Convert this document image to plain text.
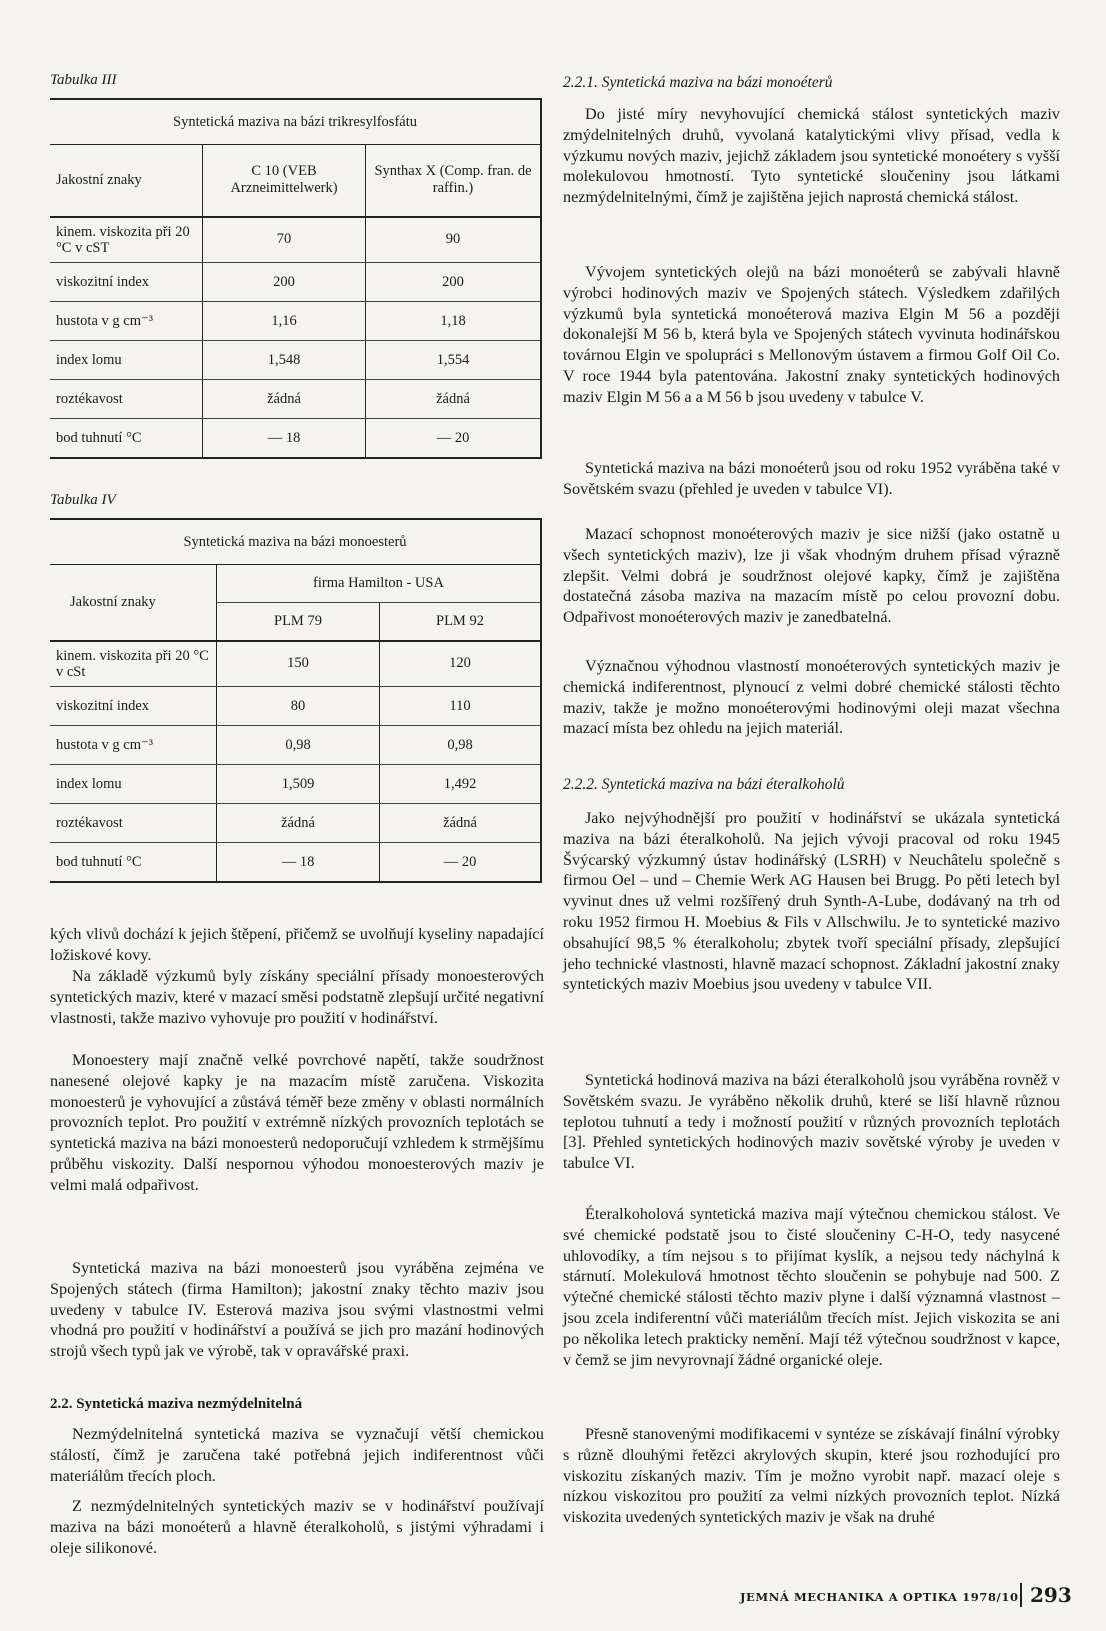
Tabulka III
Syntetická maziva na bázi trikresylfosfátu		
Jakostní znaky	C 10 (VEB Arzneimittelwerk)	Synthax X (Comp. fran. de raffin.)
kinem. viskozita při 20 °C v cST	70	90
viskozitní index	200	200
hustota v g cm⁻³	1,16	1,18
index lomu	1,548	1,554
roztékavost	žádná	žádná
bod tuhnutí °C	— 18	— 20
Tabulka IV
Syntetická maziva na bázi monoesterů		
Jakostní znaky	firma Hamilton - USA	
	PLM 79	PLM 92
kinem. viskozita při 20 °C v cSt	150	120
viskozitní index	80	110
hustota v g cm⁻³	0,98	0,98
index lomu	1,509	1,492
roztékavost	žádná	žádná
bod tuhnutí °C	— 18	— 20

kých vlivů dochází k jejich štěpení, přičemž se uvolňují kyseliny napadající ložiskové kovy.

Na základě výzkumů byly získány speciální přísady monoesterových syntetických maziv, které v mazací směsi podstatně zlepšují určité negativní vlastnosti, takže mazivo vyhovuje pro použití v hodinářství.

Monoestery mají značně velké povrchové napětí, takže soudržnost nanesené olejové kapky je na mazacím místě zaručena. Viskozita monoesterů je vyhovující a zůstává téměř beze změny v oblasti normálních provozních teplot. Pro použití v extrémně nízkých provozních teplotách se syntetická maziva na bázi monoesterů nedoporučují vzhledem k strmějšímu průběhu viskozity. Další nespornou výhodou monoesterových maziv je velmi malá odpařivost.

Syntetická maziva na bázi monoesterů jsou vyráběna zejména ve Spojených státech (firma Hamilton); jakostní znaky těchto maziv jsou uvedeny v tabulce IV. Esterová maziva jsou svými vlastnostmi velmi vhodná pro použití v hodinářství a používá se jich pro mazání hodinových strojů všech typů jak ve výrobě, tak v opravářské praxi.

2.2. Syntetická maziva nezmýdelnitelná

Nezmýdelnitelná syntetická maziva se vyznačují větší chemickou stálostí, čímž je zaručena také potřebná jejich indiferentnost vůči materiálům třecích ploch.

Z nezmýdelnitelných syntetických maziv se v hodinářství používají maziva na bázi monoéterů a hlavně éteralkoholů, s jistými výhradami i oleje silikonové.

2.2.1. Syntetická maziva na bázi monoéterů

Do jisté míry nevyhovující chemická stálost syntetických maziv zmýdelnitelných druhů, vyvolaná katalytickými vlivy přísad, vedla k výzkumu nových maziv, jejichž základem jsou syntetické monoétery s vyšší molekulovou hmotností. Tyto syntetické sloučeniny jsou látkami nezmýdelnitelnými, čímž je zajištěna jejich naprostá chemická stálost.

Vývojem syntetických olejů na bázi monoéterů se zabývali hlavně výrobci hodinových maziv ve Spojených státech. Výsledkem zdařilých výzkumů byla syntetická monoéterová maziva Elgin M 56 a později dokonalejší M 56 b, která byla ve Spojených státech vyvinuta hodinářskou továrnou Elgin ve spolupráci s Mellonovým ústavem a firmou Golf Oil Co. V roce 1944 byla patentována. Jakostní znaky syntetických hodinových maziv Elgin M 56 a a M 56 b jsou uvedeny v tabulce V.

Syntetická maziva na bázi monoéterů jsou od roku 1952 vyráběna také v Sovětském svazu (přehled je uveden v tabulce VI).

Mazací schopnost monoéterových maziv je sice nižší (jako ostatně u všech syntetických maziv), lze ji však vhodným druhem přísad výrazně zlepšit. Velmi dobrá je soudržnost olejové kapky, čímž je zajištěna dostatečná zásoba maziva na mazacím místě po celou provozní dobu. Odpařivost monoéterových maziv je zanedbatelná.

Význačnou výhodnou vlastností monoéterových syntetických maziv je chemická indiferentnost, plynoucí z velmi dobré chemické stálosti těchto maziv, takže je možno monoéterovými hodinovými oleji mazat všechna mazací místa bez ohledu na jejich materiál.

2.2.2. Syntetická maziva na bázi éteralkoholů

Jako nejvýhodnější pro použití v hodinářství se ukázala syntetická maziva na bázi éteralkoholů. Na jejich vývoji pracoval od roku 1945 Švýcarský výzkumný ústav hodinářský (LSRH) v Neuchâtelu společně s firmou Oel – und – Chemie Werk AG Hausen bei Brugg. Po pěti letech byl vyvinut dnes už velmi rozšířený druh Synth-A-Lube, dodávaný na trh od roku 1952 firmou H. Moebius & Fils v Allschwilu. Je to syntetické mazivo obsahující 98,5 % éteralkoholu; zbytek tvoří speciální přísady, zlepšující jeho technické vlastnosti, hlavně mazací schopnost. Základní jakostní znaky syntetických maziv Moebius jsou uvedeny v tabulce VII.

Syntetická hodinová maziva na bázi éteralkoholů jsou vyráběna rovněž v Sovětském svazu. Je vyráběno několik druhů, které se liší hlavně různou teplotou tuhnutí a tedy i možností použití v různých provozních teplotách [3]. Přehled syntetických hodinových maziv sovětské výroby je uveden v tabulce VI.

Éteralkoholová syntetická maziva mají výtečnou chemickou stálost. Ve své chemické podstatě jsou to čisté sloučeniny C-H-O, tedy nasycené uhlovodíky, a tím nejsou s to přijímat kyslík, a nejsou tedy náchylná k stárnutí. Molekulová hmotnost těchto sloučenin se pohybuje nad 500. Z výtečné chemické stálosti těchto maziv plyne i další významná vlastnost – jsou zcela indiferentní vůči materiálům třecích míst. Jejich viskozita se ani po několika letech prakticky nemění. Mají též výtečnou soudržnost v kapce, v čemž se jim nevyrovnají žádné organické oleje.

Přesně stanovenými modifikacemi v syntéze se získávají finální výrobky s různě dlouhými řetězci akrylových skupin, které jsou rozhodující pro viskozitu získaných maziv. Tím je možno vyrobit např. mazací oleje s nízkou viskozitou pro použití za velmi nízkých provozních teplot. Nízká viskozita uvedených syntetických maziv je však na druhé

JEMNÁ MECHANIKA A OPTIKA 1978/10 293
